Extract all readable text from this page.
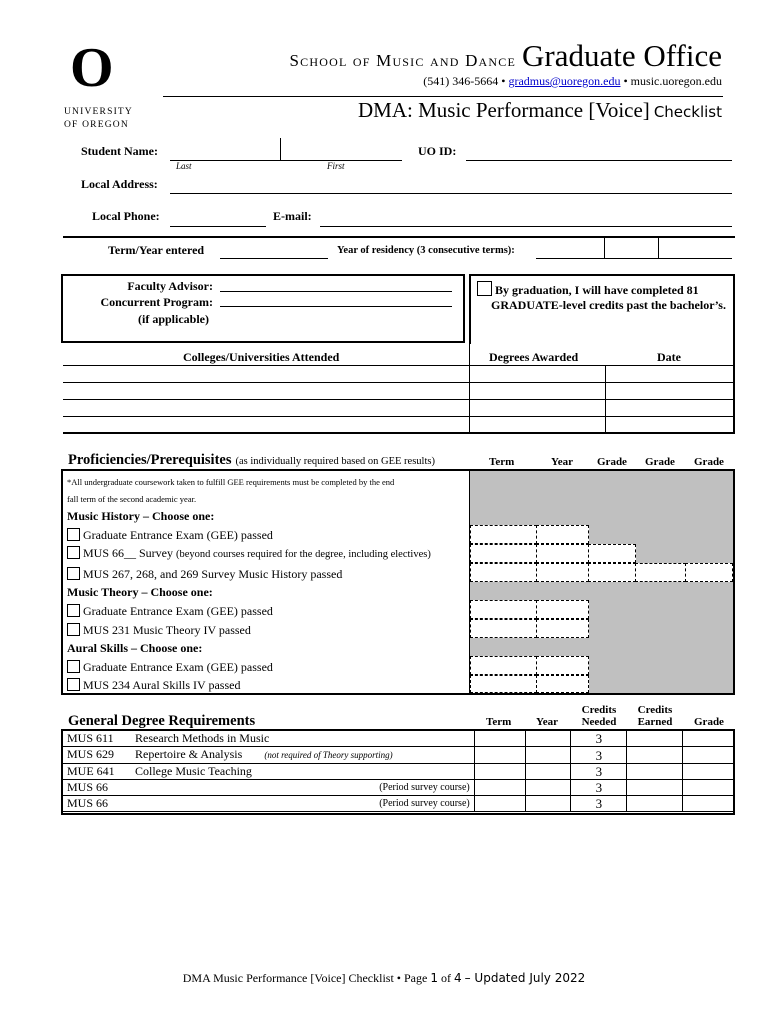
O
UNIVERSITY
OF OREGON
School of Music and Dance Graduate Office
(541) 346-5664 • gradmus@uoregon.edu • music.uoregon.edu
DMA: Music Performance [Voice] Checklist
Student Name:
Last	First
UO ID:
Local Address:
Local Phone:	E-mail:
Term/Year entered	Year of residency (3 consecutive terms):
Faculty Advisor:
Concurrent Program:
(if applicable)
By graduation, I will have completed 81
GRADUATE-level credits past the bachelor’s.
Colleges/Universities Attended	Degrees Awarded	Date
Proficiencies/Prerequisites (as individually required based on GEE results)	Term	Year Grade Grade Grade
*All undergraduate coursework taken to fulfill GEE requirements must be completed by the end
fall term of the second academic year.
Music History – Choose one:
Graduate Entrance Exam (GEE) passed
MUS 66__ Survey (beyond courses required for the degree, including electives)
MUS 267, 268, and 269 Survey Music History passed
Music Theory – Choose one:
Graduate Entrance Exam (GEE) passed
MUS 231 Music Theory IV passed
Aural Skills – Choose one:
Graduate Entrance Exam (GEE) passed
MUS 234 Aural Skills IV passed
General Degree Requirements	Term Year
Credits
Needed
Credits
Earned	Grade
MUS 611 Research Methods in Music			3		
MUS 629 Repertoire & Analysis (not required of Theory supporting)			3		
MUE 641 College Music Teaching			3		
MUS 66 (Period survey course)			3		
MUS 66 (Period survey course)			3		
DMA Music Performance [Voice] Checklist • Page 1 of 4 – Updated July 2022
